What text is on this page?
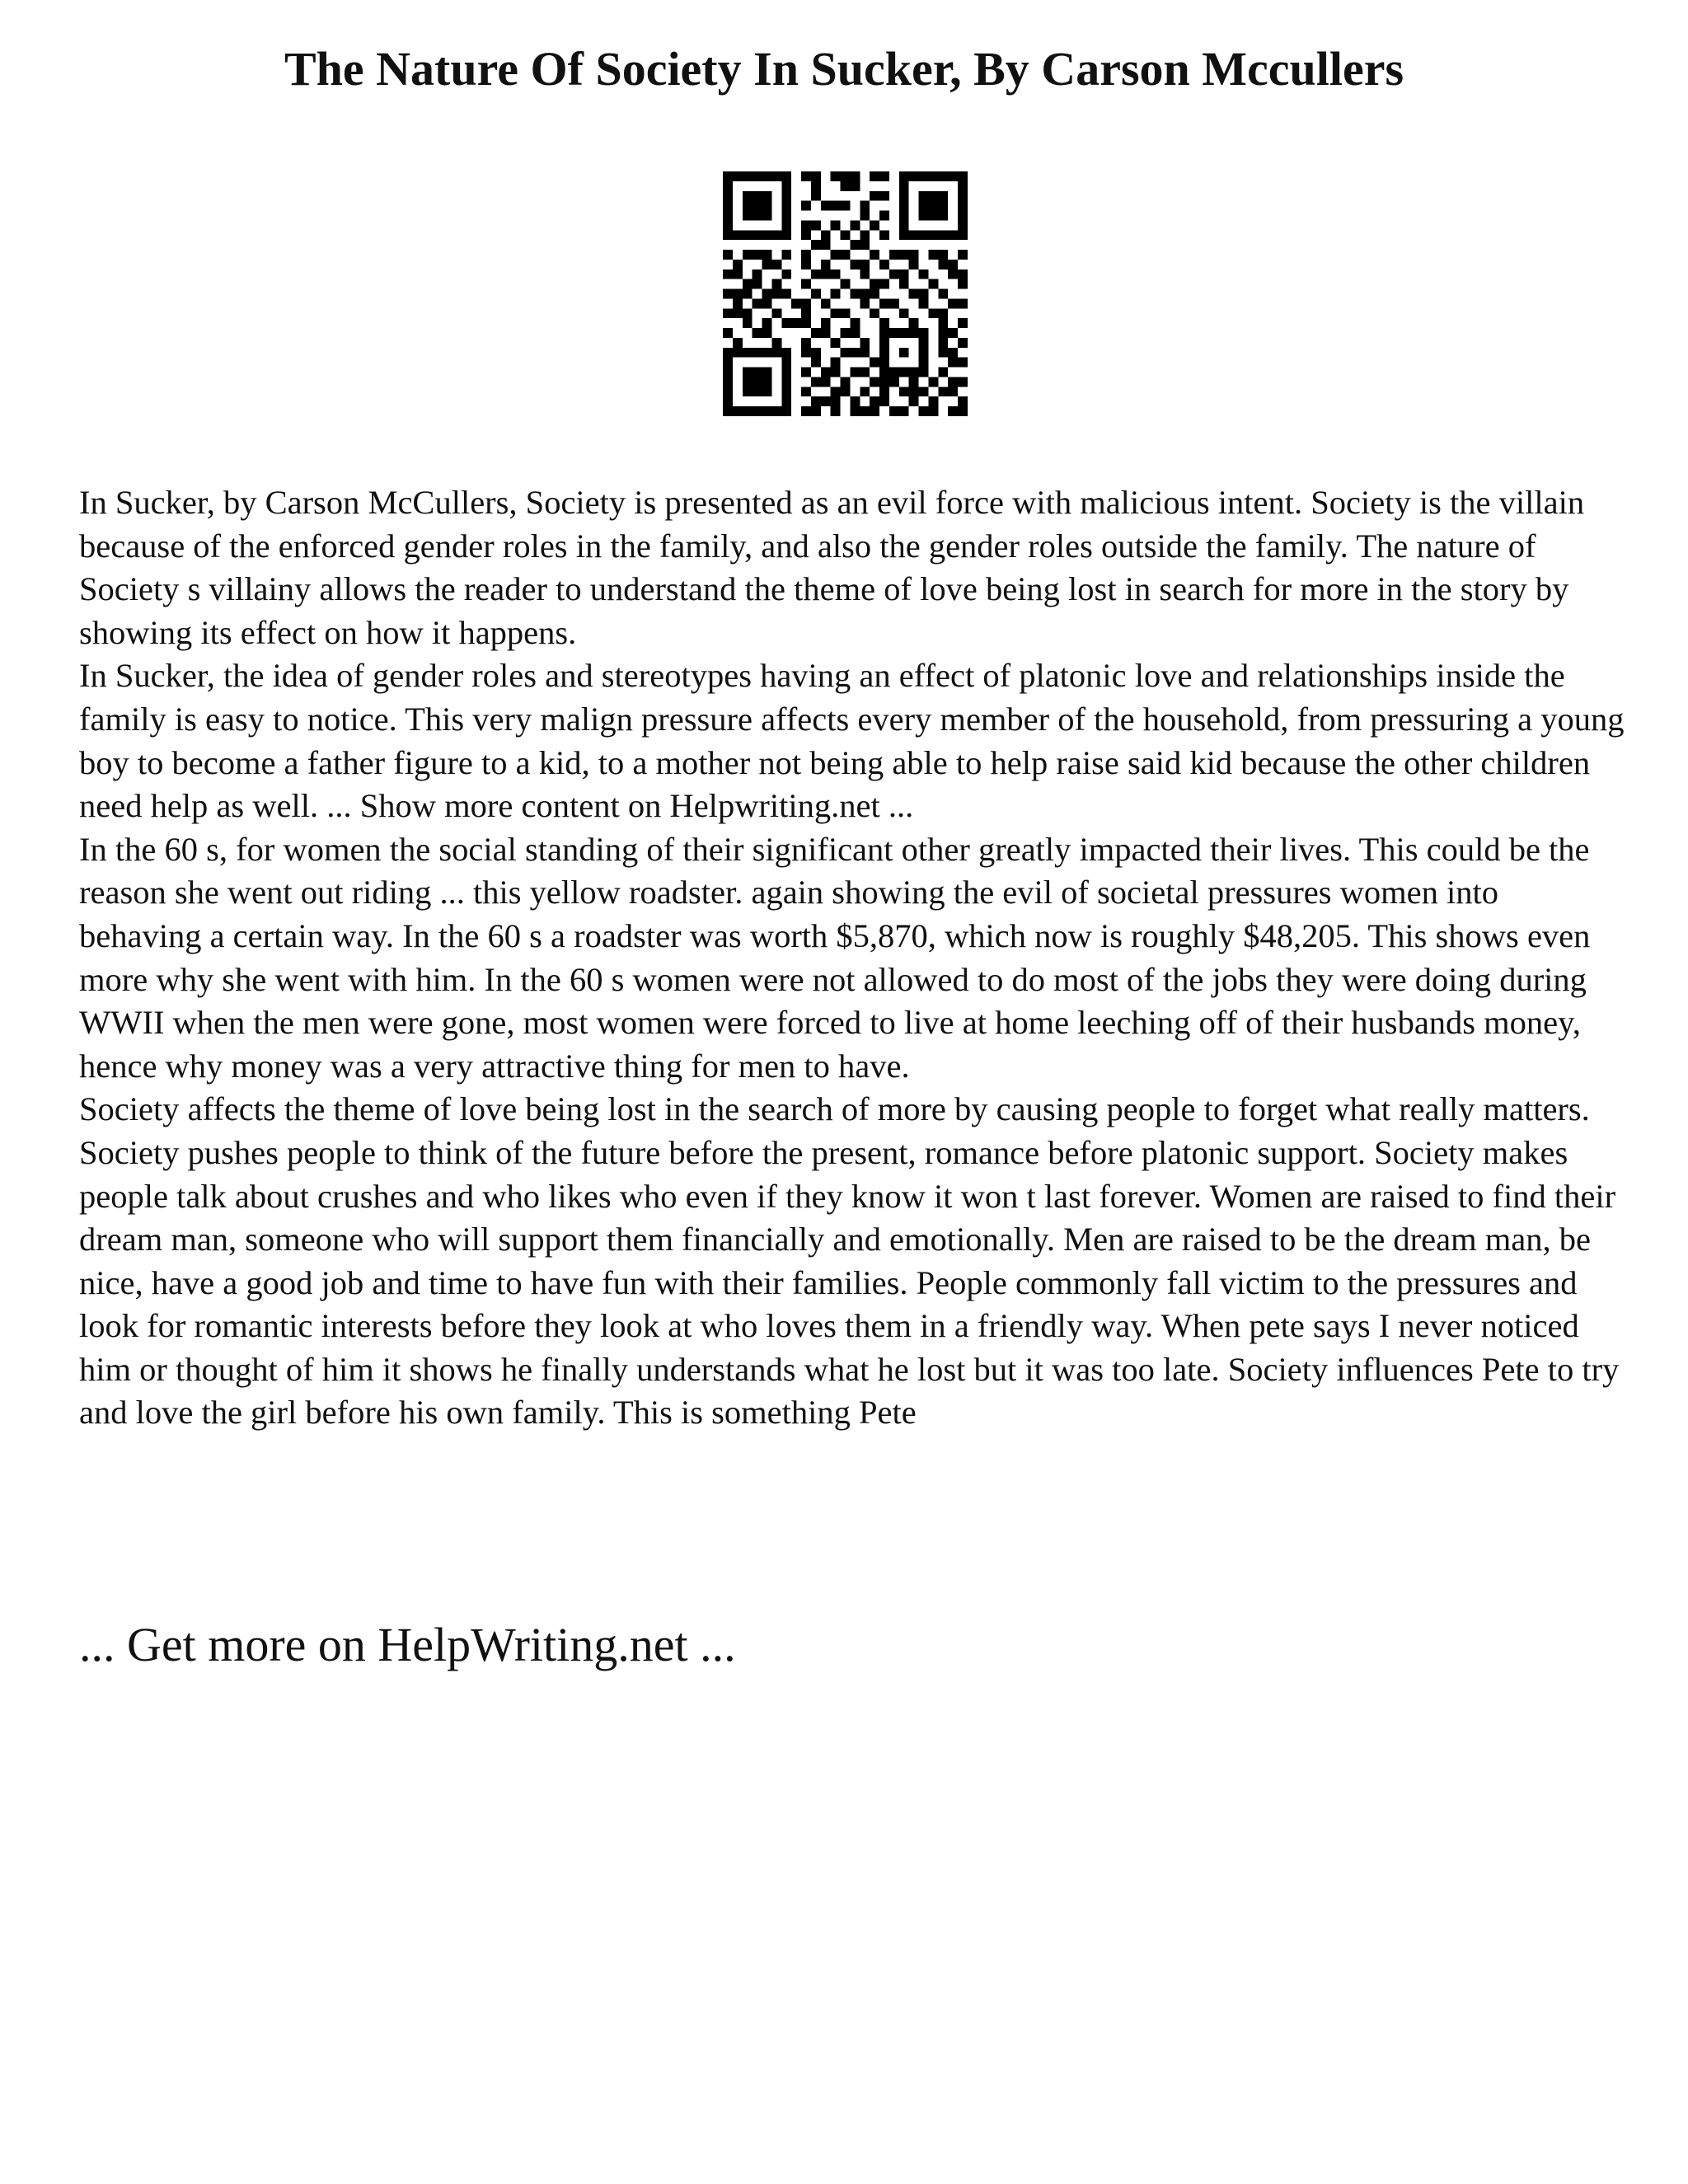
The Nature Of Society In Sucker, By Carson Mccullers

In Sucker, by Carson McCullers, Society is presented as an evil force with malicious intent. Society is the villain because of the enforced gender roles in the family, and also the gender roles outside the family. The nature of Society s villainy allows the reader to understand the theme of love being lost in search for more in the story by showing its effect on how it happens.

In Sucker, the idea of gender roles and stereotypes having an effect of platonic love and relationships inside the family is easy to notice. This very malign pressure affects every member of the household, from pressuring a young boy to become a father figure to a kid, to a mother not being able to help raise said kid because the other children need help as well. ... Show more content on Helpwriting.net ...

In the 60 s, for women the social standing of their significant other greatly impacted their lives. This could be the reason she went out riding ... this yellow roadster. again showing the evil of societal pressures women into behaving a certain way. In the 60 s a roadster was worth $5,870, which now is roughly $48,205. This shows even more why she went with him. In the 60 s women were not allowed to do most of the jobs they were doing during WWII when the men were gone, most women were forced to live at home leeching off of their husbands money, hence why money was a very attractive thing for men to have.

Society affects the theme of love being lost in the search of more by causing people to forget what really matters. Society pushes people to think of the future before the present, romance before platonic support. Society makes people talk about crushes and who likes who even if they know it won t last forever. Women are raised to find their dream man, someone who will support them financially and emotionally. Men are raised to be the dream man, be nice, have a good job and time to have fun with their families. People commonly fall victim to the pressures and look for romantic interests before they look at who loves them in a friendly way. When pete says I never noticed him or thought of him it shows he finally understands what he lost but it was too late. Society influences Pete to try and love the girl before his own family. This is something Pete

... Get more on HelpWriting.net ...
